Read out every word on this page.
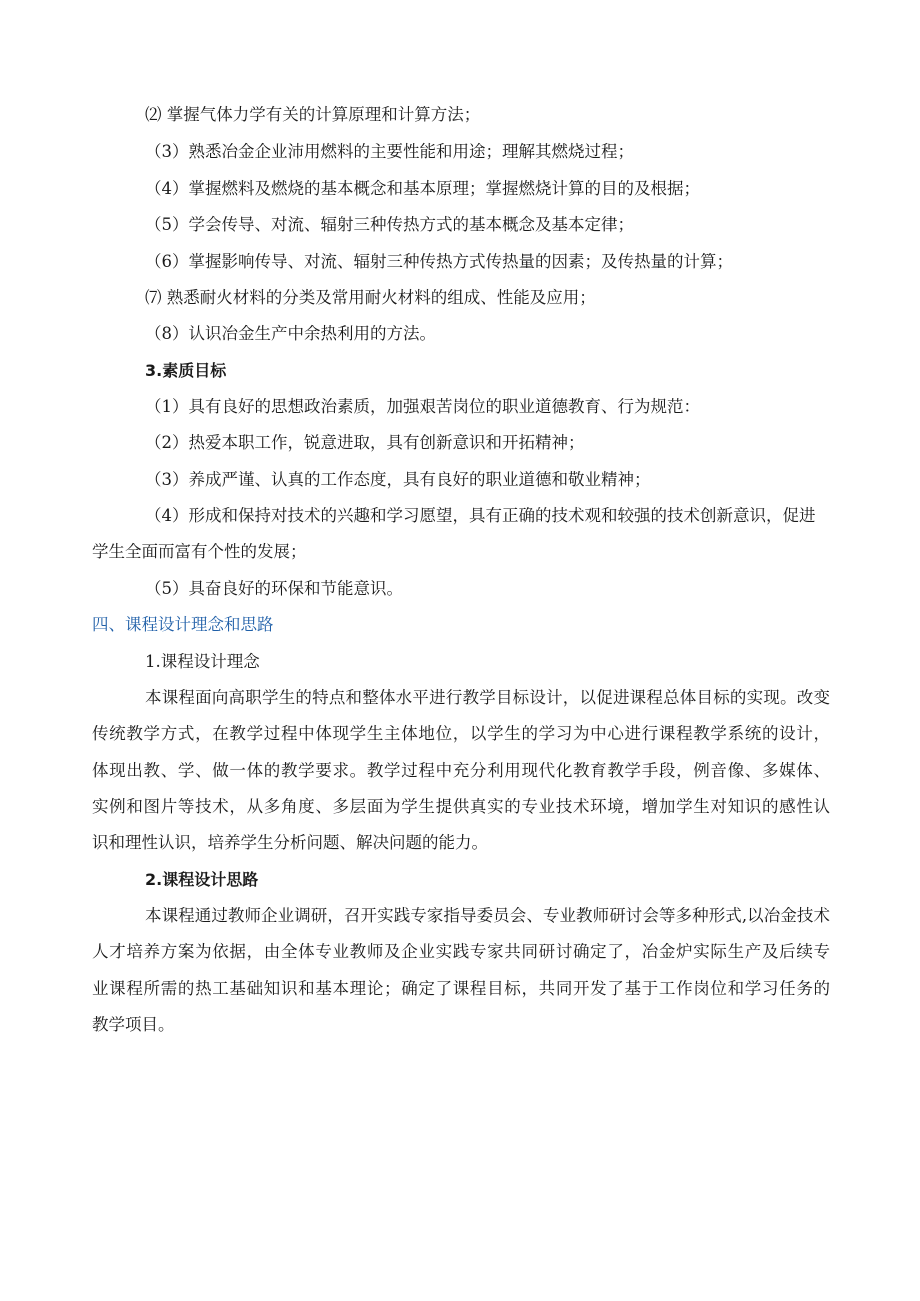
⑵ 掌握气体力学有关的计算原理和计算方法；

（3）熟悉冶金企业沛用燃料的主要性能和用途；理解其燃烧过程；

（4）掌握燃料及燃烧的基本概念和基本原理；掌握燃烧计算的目的及根据；

（5）学会传导、对流、辐射三种传热方式的基本概念及基本定律；

（6）掌握影响传导、对流、辐射三种传热方式传热量的因素；及传热量的计算；

⑺ 熟悉耐火材料的分类及常用耐火材料的组成、性能及应用；

（8）认识冶金生产中余热利用的方法。

3.素质目标

（1）具有良好的思想政治素质，加强艰苦岗位的职业道德教育、行为规范：

（2）热爱本职工作，锐意进取，具有创新意识和开拓精神；

（3）养成严谨、认真的工作态度，具有良好的职业道德和敬业精神；

（4）形成和保持对技术的兴趣和学习愿望，具有正确的技术观和较强的技术创新意识，促进

学生全面而富有个性的发展；

（5）具奋良好的环保和节能意识。

四、课程设计理念和思路

1.课程设计理念

本课程面向高职学生的特点和整体水平进行教学目标设计，以促进课程总体目标的实现。改变

传统教学方式，在教学过程中体现学生主体地位，以学生的学习为中心进行课程教学系统的设计，

体现出教、学、做一体的教学要求。教学过程中充分利用现代化教育教学手段，例音像、多媒体、

实例和图片等技术，从多角度、多层面为学生提供真实的专业技术环境，增加学生对知识的感性认

识和理性认识，培养学生分析问题、解决问题的能力。

2.课程设计思路

本课程通过教师企业调研，召开实践专家指导委员会、专业教师研讨会等多种形式,以冶金技术

人才培养方案为依据，由全体专业教师及企业实践专家共同研讨确定了，冶金炉实际生产及后续专

业课程所需的热工基础知识和基本理论；确定了课程目标，共同开发了基于工作岗位和学习任务的

教学项目。
